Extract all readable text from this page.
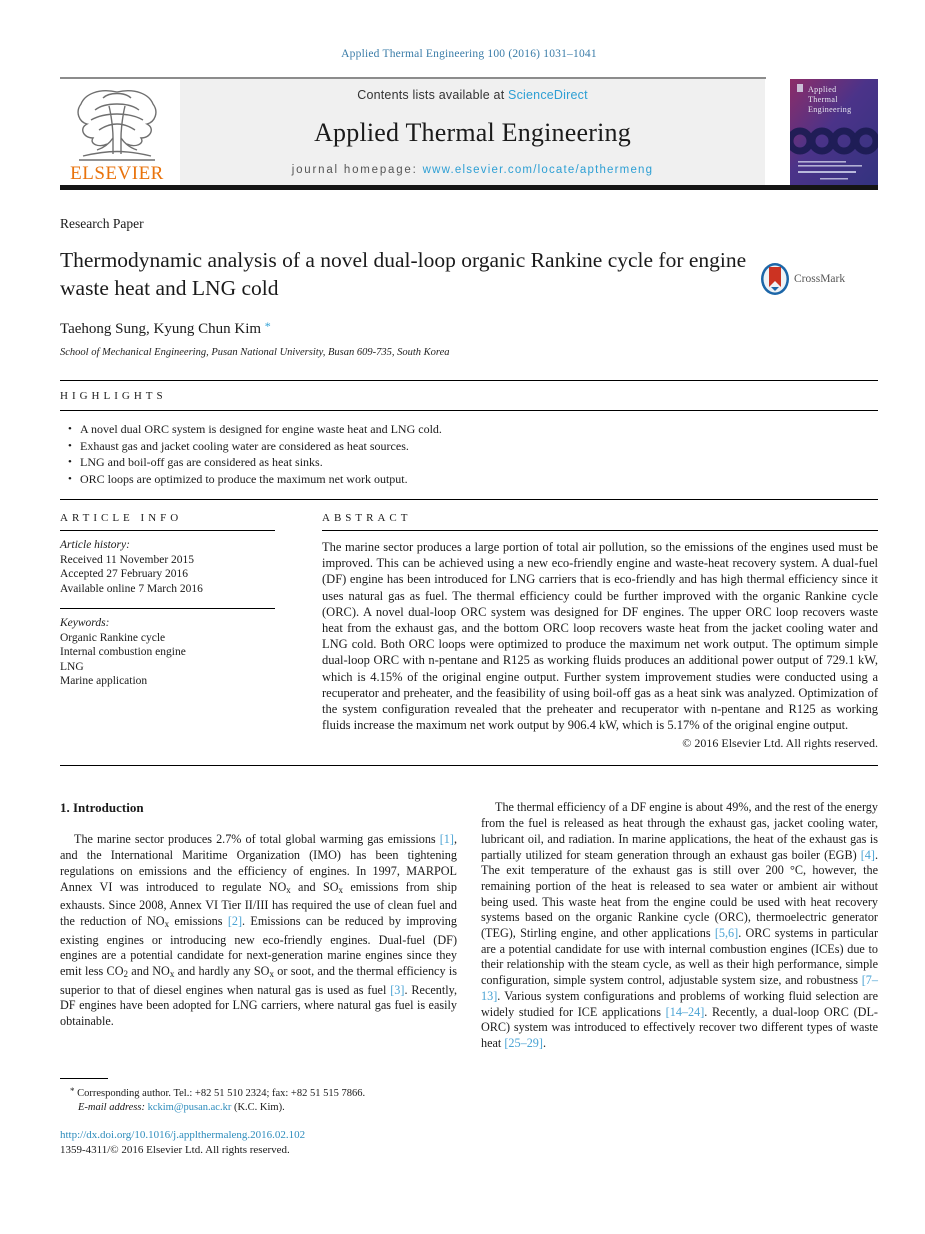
Applied Thermal Engineering 100 (2016) 1031–1041
ELSEVIER
Contents lists available at ScienceDirect
Applied Thermal Engineering
journal homepage: www.elsevier.com/locate/apthermeng
Applied
Thermal
Engineering
Research Paper
Thermodynamic analysis of a novel dual-loop organic Rankine cycle for engine waste heat and LNG cold	CrossMark
Taehong Sung, Kyung Chun Kim *
School of Mechanical Engineering, Pusan National University, Busan 609-735, South Korea
HIGHLIGHTS
• A novel dual ORC system is designed for engine waste heat and LNG cold.
• Exhaust gas and jacket cooling water are considered as heat sources.
• LNG and boil-off gas are considered as heat sinks.
• ORC loops are optimized to produce the maximum net work output.
ARTICLE INFO
Article history:
Received 11 November 2015
Accepted 27 February 2016
Available online 7 March 2016
Keywords:
Organic Rankine cycle
Internal combustion engine
LNG
Marine application
ABSTRACT
The marine sector produces a large portion of total air pollution, so the emissions of the engines used must be improved. This can be achieved using a new eco-friendly engine and waste-heat recovery system. A dual-fuel (DF) engine has been introduced for LNG carriers that is eco-friendly and has high thermal efficiency since it uses natural gas as fuel. The thermal efficiency could be further improved with the organic Rankine cycle (ORC). A novel dual-loop ORC system was designed for DF engines. The upper ORC loop recovers waste heat from the exhaust gas, and the bottom ORC loop recovers waste heat from the jacket cooling water and LNG cold. Both ORC loops were optimized to produce the maximum net work output. The optimum simple dual-loop ORC with n-pentane and R125 as working fluids produces an additional power output of 729.1 kW, which is 4.15% of the original engine output. Further system improvement studies were conducted using a recuperator and preheater, and the feasibility of using boil-off gas as a heat sink was analyzed. Optimization of the system configuration revealed that the preheater and recuperator with n-pentane and R125 as working fluids increase the maximum net work output by 906.4 kW, which is 5.17% of the original engine output.
© 2016 Elsevier Ltd. All rights reserved.
1. Introduction

The marine sector produces 2.7% of total global warming gas emissions [1], and the International Maritime Organization (IMO) has been tightening regulations on emissions and the efficiency of engines. In 1997, MARPOL Annex VI was introduced to regulate $NO_x$ and $SO_x$ emissions from ship exhausts. Since 2008, Annex VI Tier II/III has required the use of clean fuel and the reduction of $NO_x$ emissions [2]. Emissions can be reduced by improving existing engines or introducing new eco-friendly engines. Dual-fuel (DF) engines are a potential candidate for next-generation marine engines since they emit less $CO_2$ and $NO_x$ and hardly any $SO_x$ or soot, and the thermal efficiency is superior to that of diesel engines when natural gas is used as fuel [3]. Recently, DF engines have been adopted for LNG carriers, where natural gas fuel is easily obtainable.

The thermal efficiency of a DF engine is about 49%, and the rest of the energy from the fuel is released as heat through the exhaust gas, jacket cooling water, lubricant oil, and radiation. In marine applications, the heat of the exhaust gas is partially utilized for steam generation through an exhaust gas boiler (EGB) [4]. The exit temperature of the exhaust gas is still over 200 °C, however, the remaining portion of the heat is released to sea water or ambient air without being used. This waste heat from the engine could be used with heat recovery systems based on the organic Rankine cycle (ORC), thermoelectric generator (TEG), Stirling engine, and other applications [5,6]. ORC systems in particular are a potential candidate for use with internal combustion engines (ICEs) due to their relationship with the steam cycle, as well as their high performance, simple configuration, simple system control, adjustable system size, and robustness [7–13]. Various system configurations and problems of working fluid selection are widely studied for ICE applications [14–24]. Recently, a dual-loop ORC (DL-ORC) system was introduced to effectively recover two different types of waste heat [25–29].

* Corresponding author. Tel.: +82 51 510 2324; fax: +82 51 515 7866.
E-mail address: kckim@pusan.ac.kr (K.C. Kim).
http://dx.doi.org/10.1016/j.applthermaleng.2016.02.102
1359-4311/© 2016 Elsevier Ltd. All rights reserved.
